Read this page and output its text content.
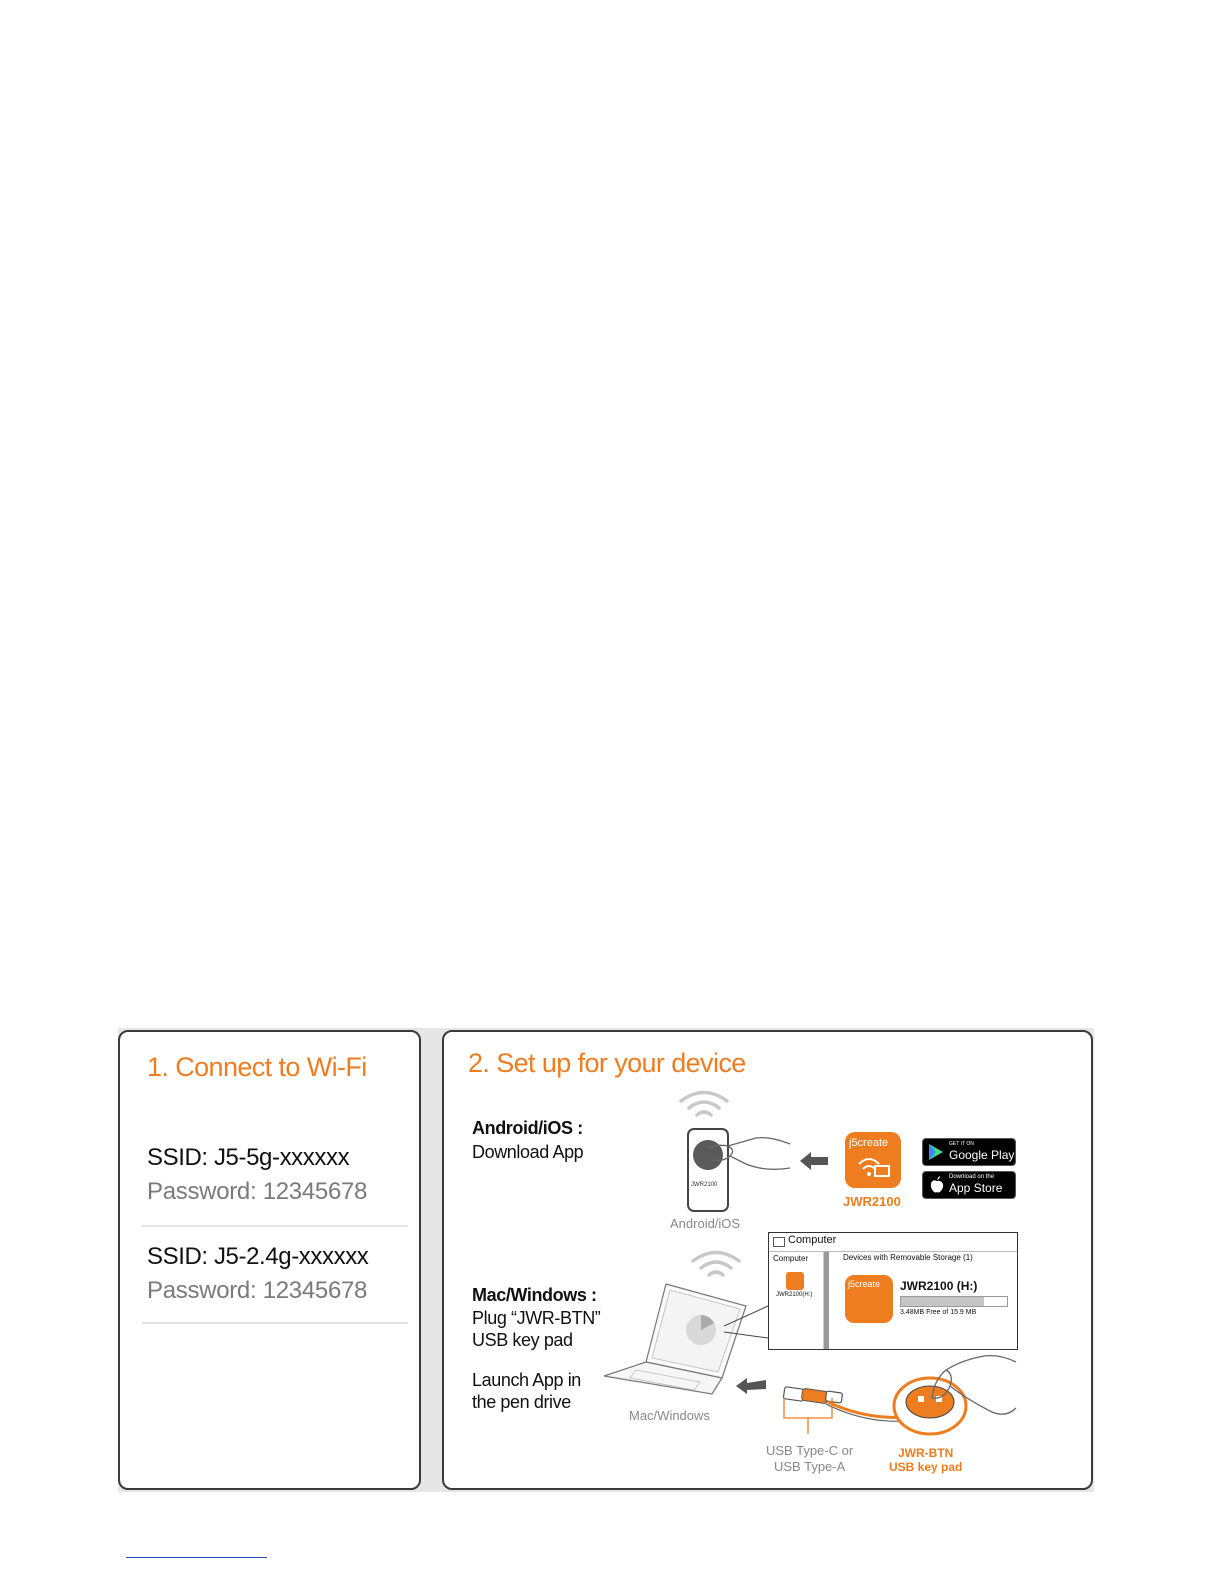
1. Connect to Wi-Fi
SSID: J5-5g-xxxxxx
Password: 12345678
SSID: J5-2.4g-xxxxxx
Password: 12345678
2. Set up for your device
Android/iOS :
Download App
JWR2100
Android/iOS
j5create
JWR2100
GET IT ON
Google Play
Download on the
App Store
Mac/Windows :
Plug “JWR-BTN”
USB key pad
Launch App in
the pen drive
Mac/Windows
Computer
Computer
JWR2100(H:)
Devices with Removable Storage (1)
j5create JWR2100 (H:)
3.48MB Free of 15.9 MB
USB Type-C or
USB Type-A
JWR-BTN
USB key pad
